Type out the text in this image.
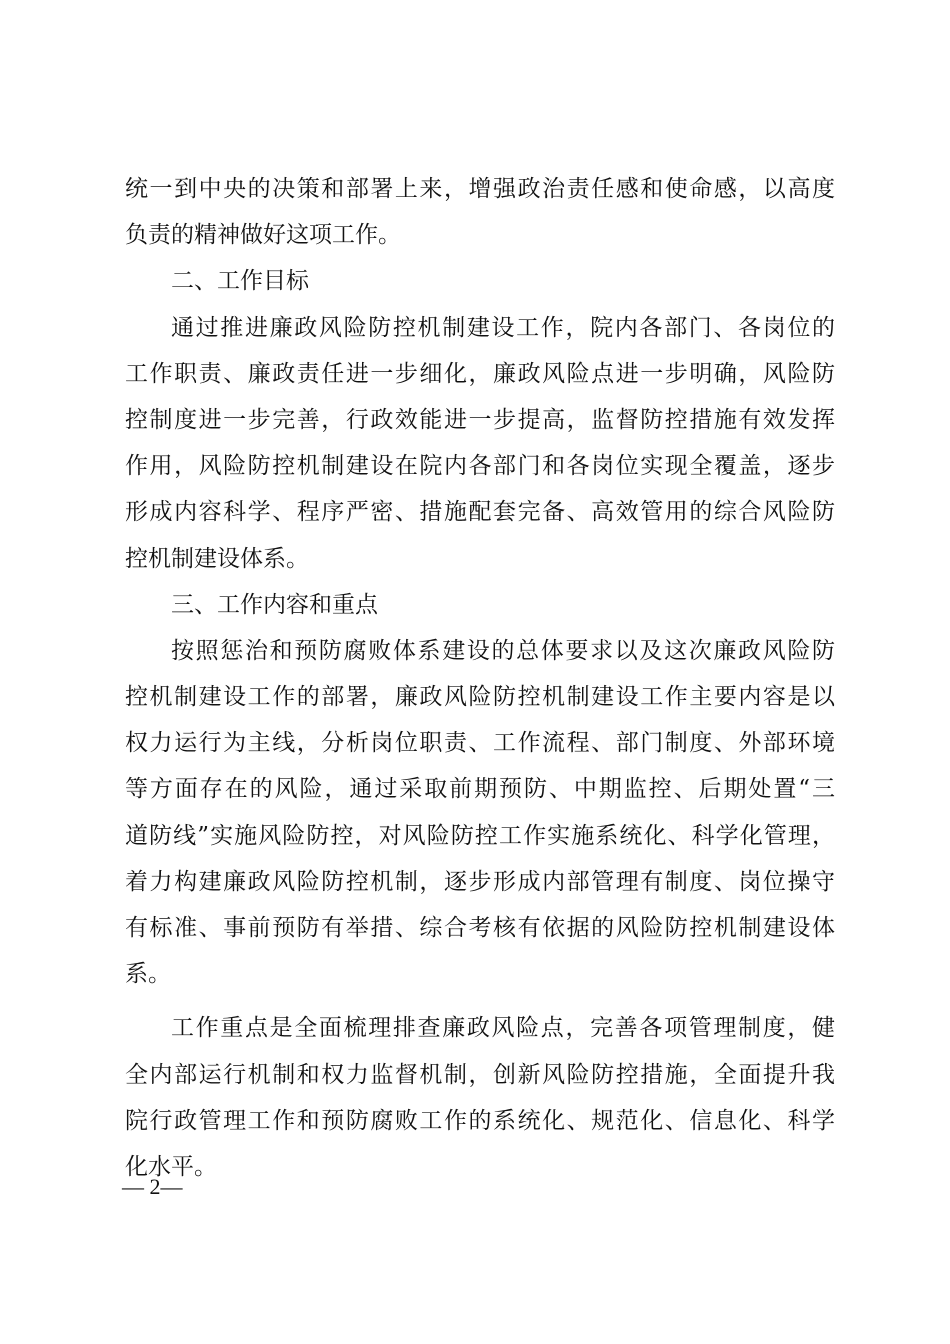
统一到中央的决策和部署上来，增强政治责任感和使命感，以高度
负责的精神做好这项工作。
二、工作目标
通过推进廉政风险防控机制建设工作，院内各部门、各岗位的
工作职责、廉政责任进一步细化，廉政风险点进一步明确，风险防
控制度进一步完善，行政效能进一步提高，监督防控措施有效发挥
作用，风险防控机制建设在院内各部门和各岗位实现全覆盖，逐步
形成内容科学、程序严密、措施配套完备、高效管用的综合风险防
控机制建设体系。
三、工作内容和重点
按照惩治和预防腐败体系建设的总体要求以及这次廉政风险防
控机制建设工作的部署，廉政风险防控机制建设工作主要内容是以
权力运行为主线，分析岗位职责、工作流程、部门制度、外部环境
等方面存在的风险，通过采取前期预防、中期监控、后期处置“三
道防线”实施风险防控，对风险防控工作实施系统化、科学化管理，
着力构建廉政风险防控机制，逐步形成内部管理有制度、岗位操守
有标准、事前预防有举措、综合考核有依据的风险防控机制建设体
系。
工作重点是全面梳理排查廉政风险点，完善各项管理制度，健
全内部运行机制和权力监督机制，创新风险防控措施，全面提升我
院行政管理工作和预防腐败工作的系统化、规范化、信息化、科学
化水平。
— 2—
